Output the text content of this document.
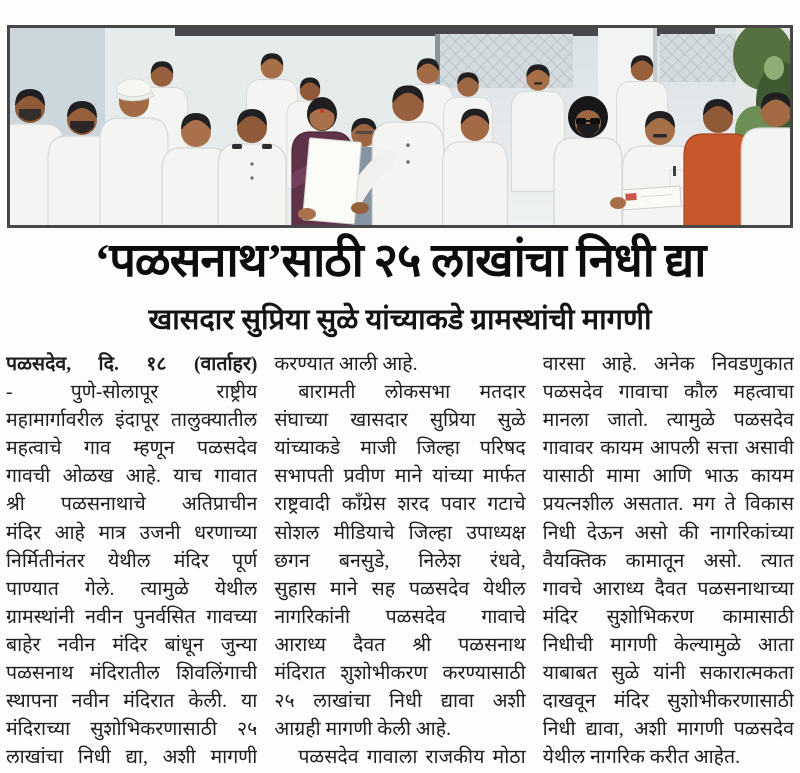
‘पळसनाथ’साठी २५ लाखांचा निधी द्या
खासदार सुप्रिया सुळे यांच्याकडे ग्रामस्थांची मागणी
पळसदेव, दि. १८ (वार्ताहर)
- पुणे-सोलापूर राष्ट्रीय
महामार्गावरील इंदापूर तालुक्यातील
महत्वाचे गाव म्हणून पळसदेव
गावची ओळख आहे. याच गावात
श्री पळसनाथाचे अतिप्राचीन
मंदिर आहे मात्र उजनी धरणाच्या
निर्मितीनंतर येथील मंदिर पूर्ण
पाण्यात गेले. त्यामुळे येथील
ग्रामस्थांनी नवीन पुनर्वसित गावच्या
बाहेर नवीन मंदिर बांधून जुन्या
पळसनाथ मंदिरातील शिवलिंगाची
स्थापना नवीन मंदिरात केली. या
मंदिराच्या सुशोभिकरणासाठी २५
लाखांचा निधी द्या, अशी मागणी
करण्यात आली आहे.
बारामती लोकसभा मतदार
संघाच्या खासदार सुप्रिया सुळे
यांच्याकडे माजी जिल्हा परिषद
सभापती प्रवीण माने यांच्या मार्फत
राष्ट्रवादी काँग्रेस शरद पवार गटाचे
सोशल मीडियाचे जिल्हा उपाध्यक्ष
छगन बनसुडे, निलेश रंधवे,
सुहास माने सह पळसदेव येथील
नागरिकांनी पळसदेव गावाचे
आराध्य दैवत श्री पळसनाथ
मंदिरात शुशोभीकरण करण्यासाठी
२५ लाखांचा निधी द्यावा अशी
आग्रही मागणी केली आहे.
पळसदेव गावाला राजकीय मोठा
वारसा आहे. अनेक निवडणुकात
पळसदेव गावाचा कौल महत्वाचा
मानला जातो. त्यामुळे पळसदेव
गावावर कायम आपली सत्ता असावी
यासाठी मामा आणि भाऊ कायम
प्रयत्नशील असतात. मग ते विकास
निधी देऊन असो की नागरिकांच्या
वैयक्तिक कामातून असो. त्यात
गावचे आराध्य दैवत पळसनाथाच्या
मंदिर सुशोभिकरण कामासाठी
निधीची मागणी केल्यामुळे आता
याबाबत सुळे यांनी सकारात्मकता
दाखवून मंदिर सुशोभीकरणासाठी
निधी द्यावा, अशी मागणी पळसदेव
येथील नागरिक करीत आहेत.
